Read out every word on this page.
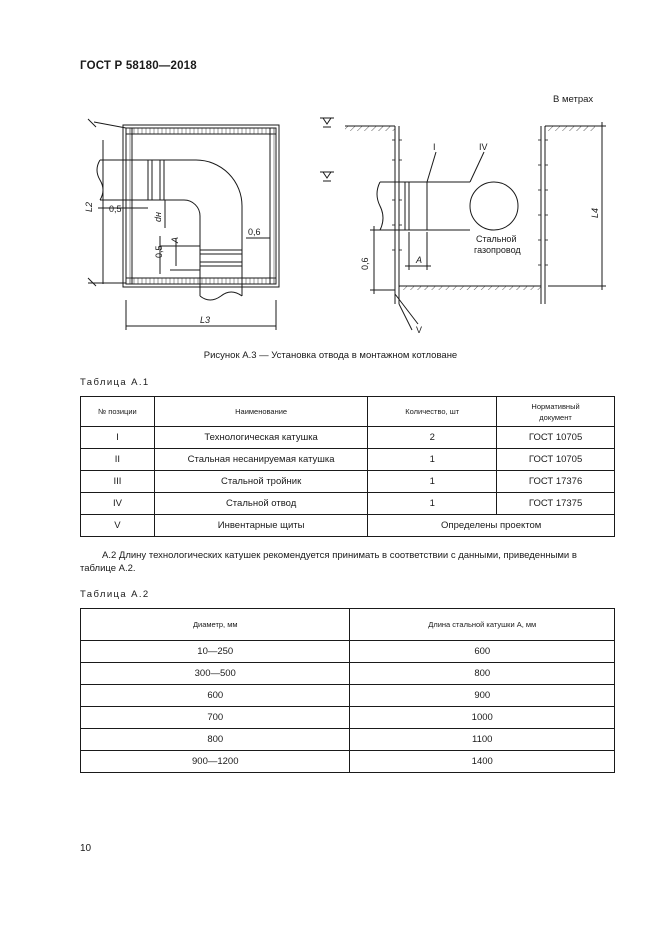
ГОСТ Р 58180—2018
В метрах
L2 0,5
dн
A
0,5
0,6
L3
I	IV
V
Стальной
газопровод
A
0,6
L4
Рисунок А.3 — Установка отвода в монтажном котловане
Таблица А.1
№ позиции	Наименование	Количество, шт	Нормативный документ
I	Технологическая катушка	2	ГОСТ 10705
II	Стальная несанируемая катушка	1	ГОСТ 10705
III	Стальной тройник	1	ГОСТ 17376
IV	Стальной отвод	1	ГОСТ 17375
V	Инвентарные щиты	Определены проектом	
А.2 Длину технологических катушек рекомендуется принимать в соответствии с данными, приведенными в таблице А.2.
Таблица А.2
Диаметр, мм	Длина стальной катушки A, мм
10—250	600
300—500	800
600	900
700	1000
800	1100
900—1200	1400
10
